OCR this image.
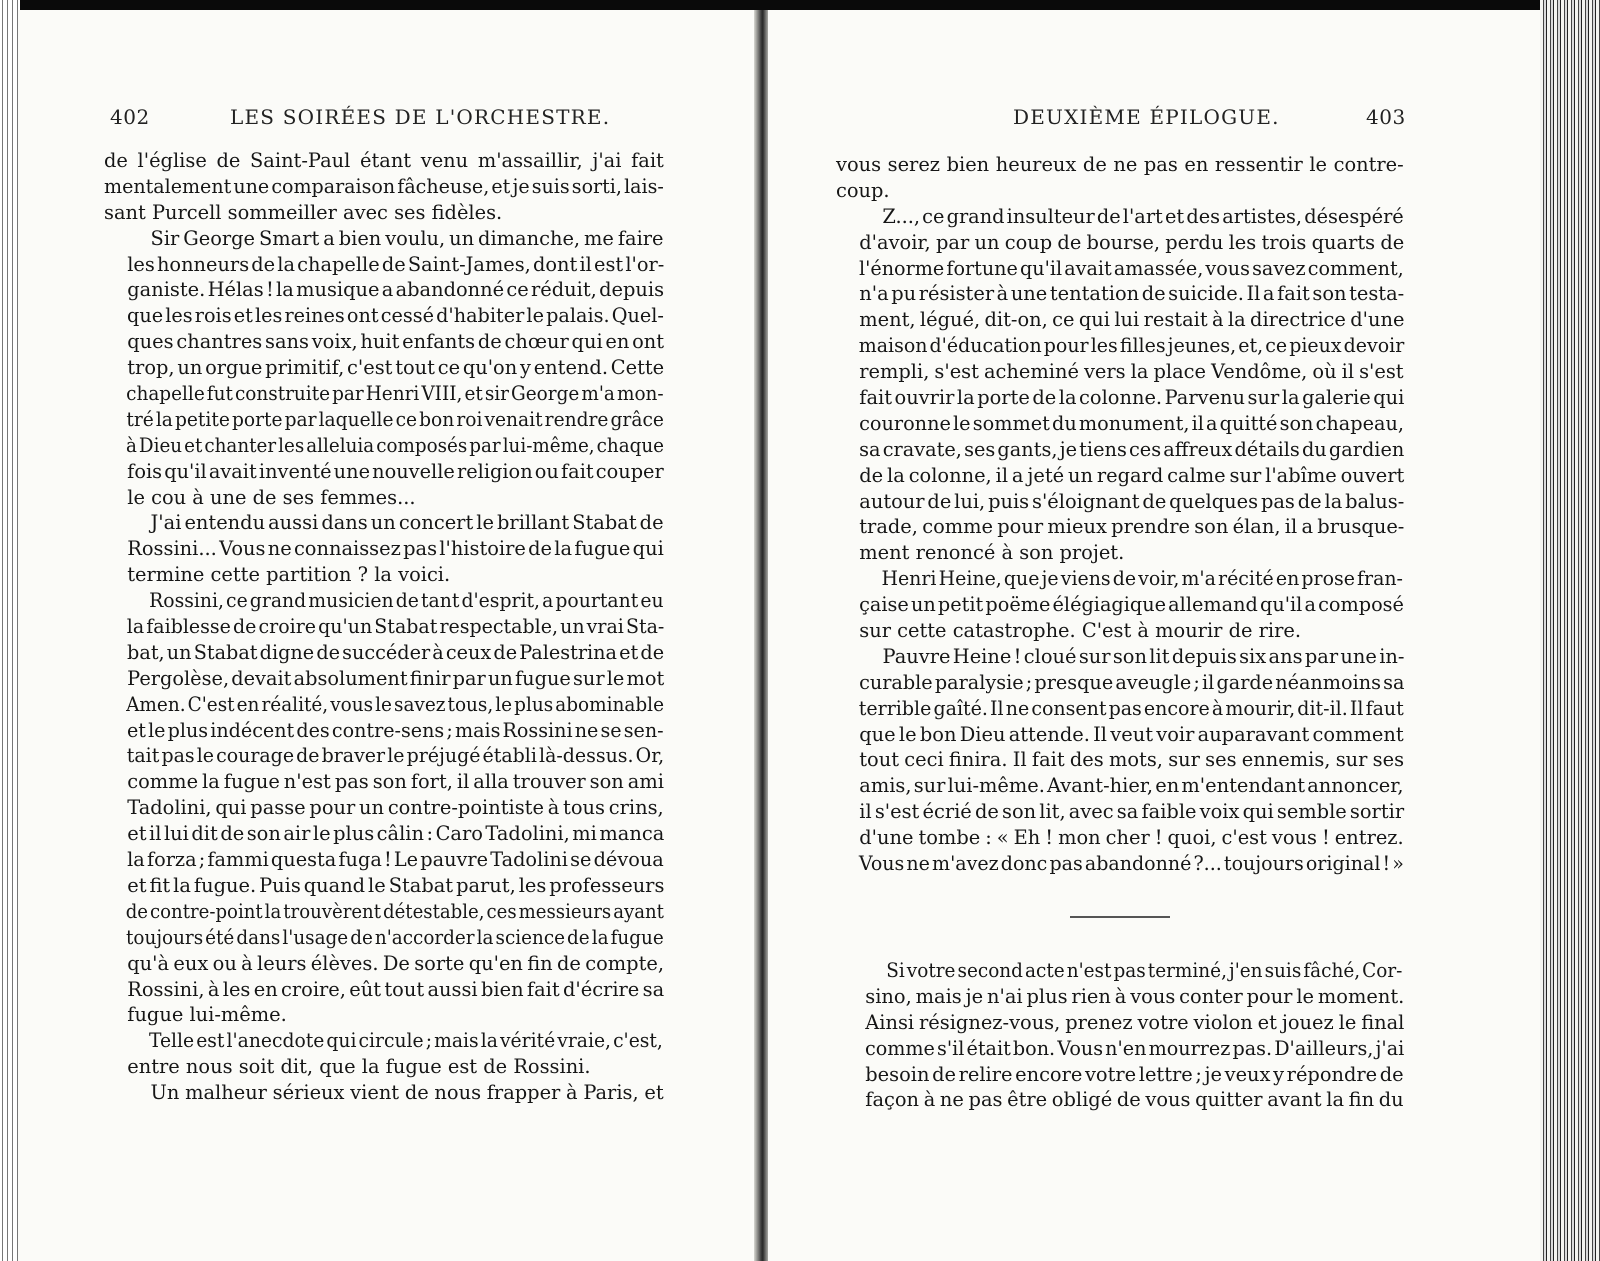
402	LES SOIRÉES DE L'ORCHESTRE.

de l'église de Saint-Paul étant venu m'assaillir, j'ai fait
mentalement une comparaison fâcheuse, et je suis sorti, lais-
sant Purcell sommeiller avec ses fidèles.

Sir George Smart a bien voulu, un dimanche, me faire
les honneurs de la chapelle de Saint-James, dont il est l'or-
ganiste. Hélas ! la musique a abandonné ce réduit, depuis
que les rois et les reines ont cessé d'habiter le palais. Quel-
ques chantres sans voix, huit enfants de chœur qui en ont
trop, un orgue primitif, c'est tout ce qu'on y entend. Cette
chapelle fut construite par Henri VIII, et sir George m'a mon-
tré la petite porte par laquelle ce bon roi venait rendre grâce
à Dieu et chanter les alleluia composés par lui-même, chaque
fois qu'il avait inventé une nouvelle religion ou fait couper
le cou à une de ses femmes...

J'ai entendu aussi dans un concert le brillant Stabat de
Rossini... Vous ne connaissez pas l'histoire de la fugue qui
termine cette partition ? la voici.

Rossini, ce grand musicien de tant d'esprit, a pourtant eu
la faiblesse de croire qu'un Stabat respectable, un vrai Sta-
bat, un Stabat digne de succéder à ceux de Palestrina et de
Pergolèse, devait absolument finir par un fugue sur le mot
Amen. C'est en réalité, vous le savez tous, le plus abominable
et le plus indécent des contre-sens ; mais Rossini ne se sen-
tait pas le courage de braver le préjugé établi là-dessus. Or,
comme la fugue n'est pas son fort, il alla trouver son ami
Tadolini, qui passe pour un contre-pointiste à tous crins,
et il lui dit de son air le plus câlin : Caro Tadolini, mi manca
la forza ; fammi questa fuga ! Le pauvre Tadolini se dévoua
et fit la fugue. Puis quand le Stabat parut, les professeurs
de contre-point la trouvèrent détestable, ces messieurs ayant
toujours été dans l'usage de n'accorder la science de la fugue
qu'à eux ou à leurs élèves. De sorte qu'en fin de compte,
Rossini, à les en croire, eût tout aussi bien fait d'écrire sa
fugue lui-même.

Telle est l'anecdote qui circule ; mais la vérité vraie, c'est,
entre nous soit dit, que la fugue est de Rossini.

Un malheur sérieux vient de nous frapper à Paris, et

DEUXIÈME ÉPILOGUE.	403

vous serez bien heureux de ne pas en ressentir le contre-
coup.

Z..., ce grand insulteur de l'art et des artistes, désespéré
d'avoir, par un coup de bourse, perdu les trois quarts de
l'énorme fortune qu'il avait amassée, vous savez comment,
n'a pu résister à une tentation de suicide. Il a fait son testa-
ment, légué, dit-on, ce qui lui restait à la directrice d'une
maison d'éducation pour les filles jeunes, et, ce pieux devoir
rempli, s'est acheminé vers la place Vendôme, où il s'est
fait ouvrir la porte de la colonne. Parvenu sur la galerie qui
couronne le sommet du monument, il a quitté son chapeau,
sa cravate, ses gants, je tiens ces affreux détails du gardien
de la colonne, il a jeté un regard calme sur l'abîme ouvert
autour de lui, puis s'éloignant de quelques pas de la balus-
trade, comme pour mieux prendre son élan, il a brusque-
ment renoncé à son projet.

Henri Heine, que je viens de voir, m'a récité en prose fran-
çaise un petit poëme élégiagique allemand qu'il a composé
sur cette catastrophe. C'est à mourir de rire.

Pauvre Heine ! cloué sur son lit depuis six ans par une in-
curable paralysie ; presque aveugle ; il garde néanmoins sa
terrible gaîté. Il ne consent pas encore à mourir, dit-il. Il faut
que le bon Dieu attende. Il veut voir auparavant comment
tout ceci finira. Il fait des mots, sur ses ennemis, sur ses
amis, sur lui-même. Avant-hier, en m'entendant annoncer,
il s'est écrié de son lit, avec sa faible voix qui semble sortir
d'une tombe : « Eh ! mon cher ! quoi, c'est vous ! entrez.
Vous ne m'avez donc pas abandonné ?... toujours original ! »

Si votre second acte n'est pas terminé, j'en suis fâché, Cor-
sino, mais je n'ai plus rien à vous conter pour le moment.
Ainsi résignez-vous, prenez votre violon et jouez le final
comme s'il était bon. Vous n'en mourrez pas. D'ailleurs, j'ai
besoin de relire encore votre lettre ; je veux y répondre de
façon à ne pas être obligé de vous quitter avant la fin du
